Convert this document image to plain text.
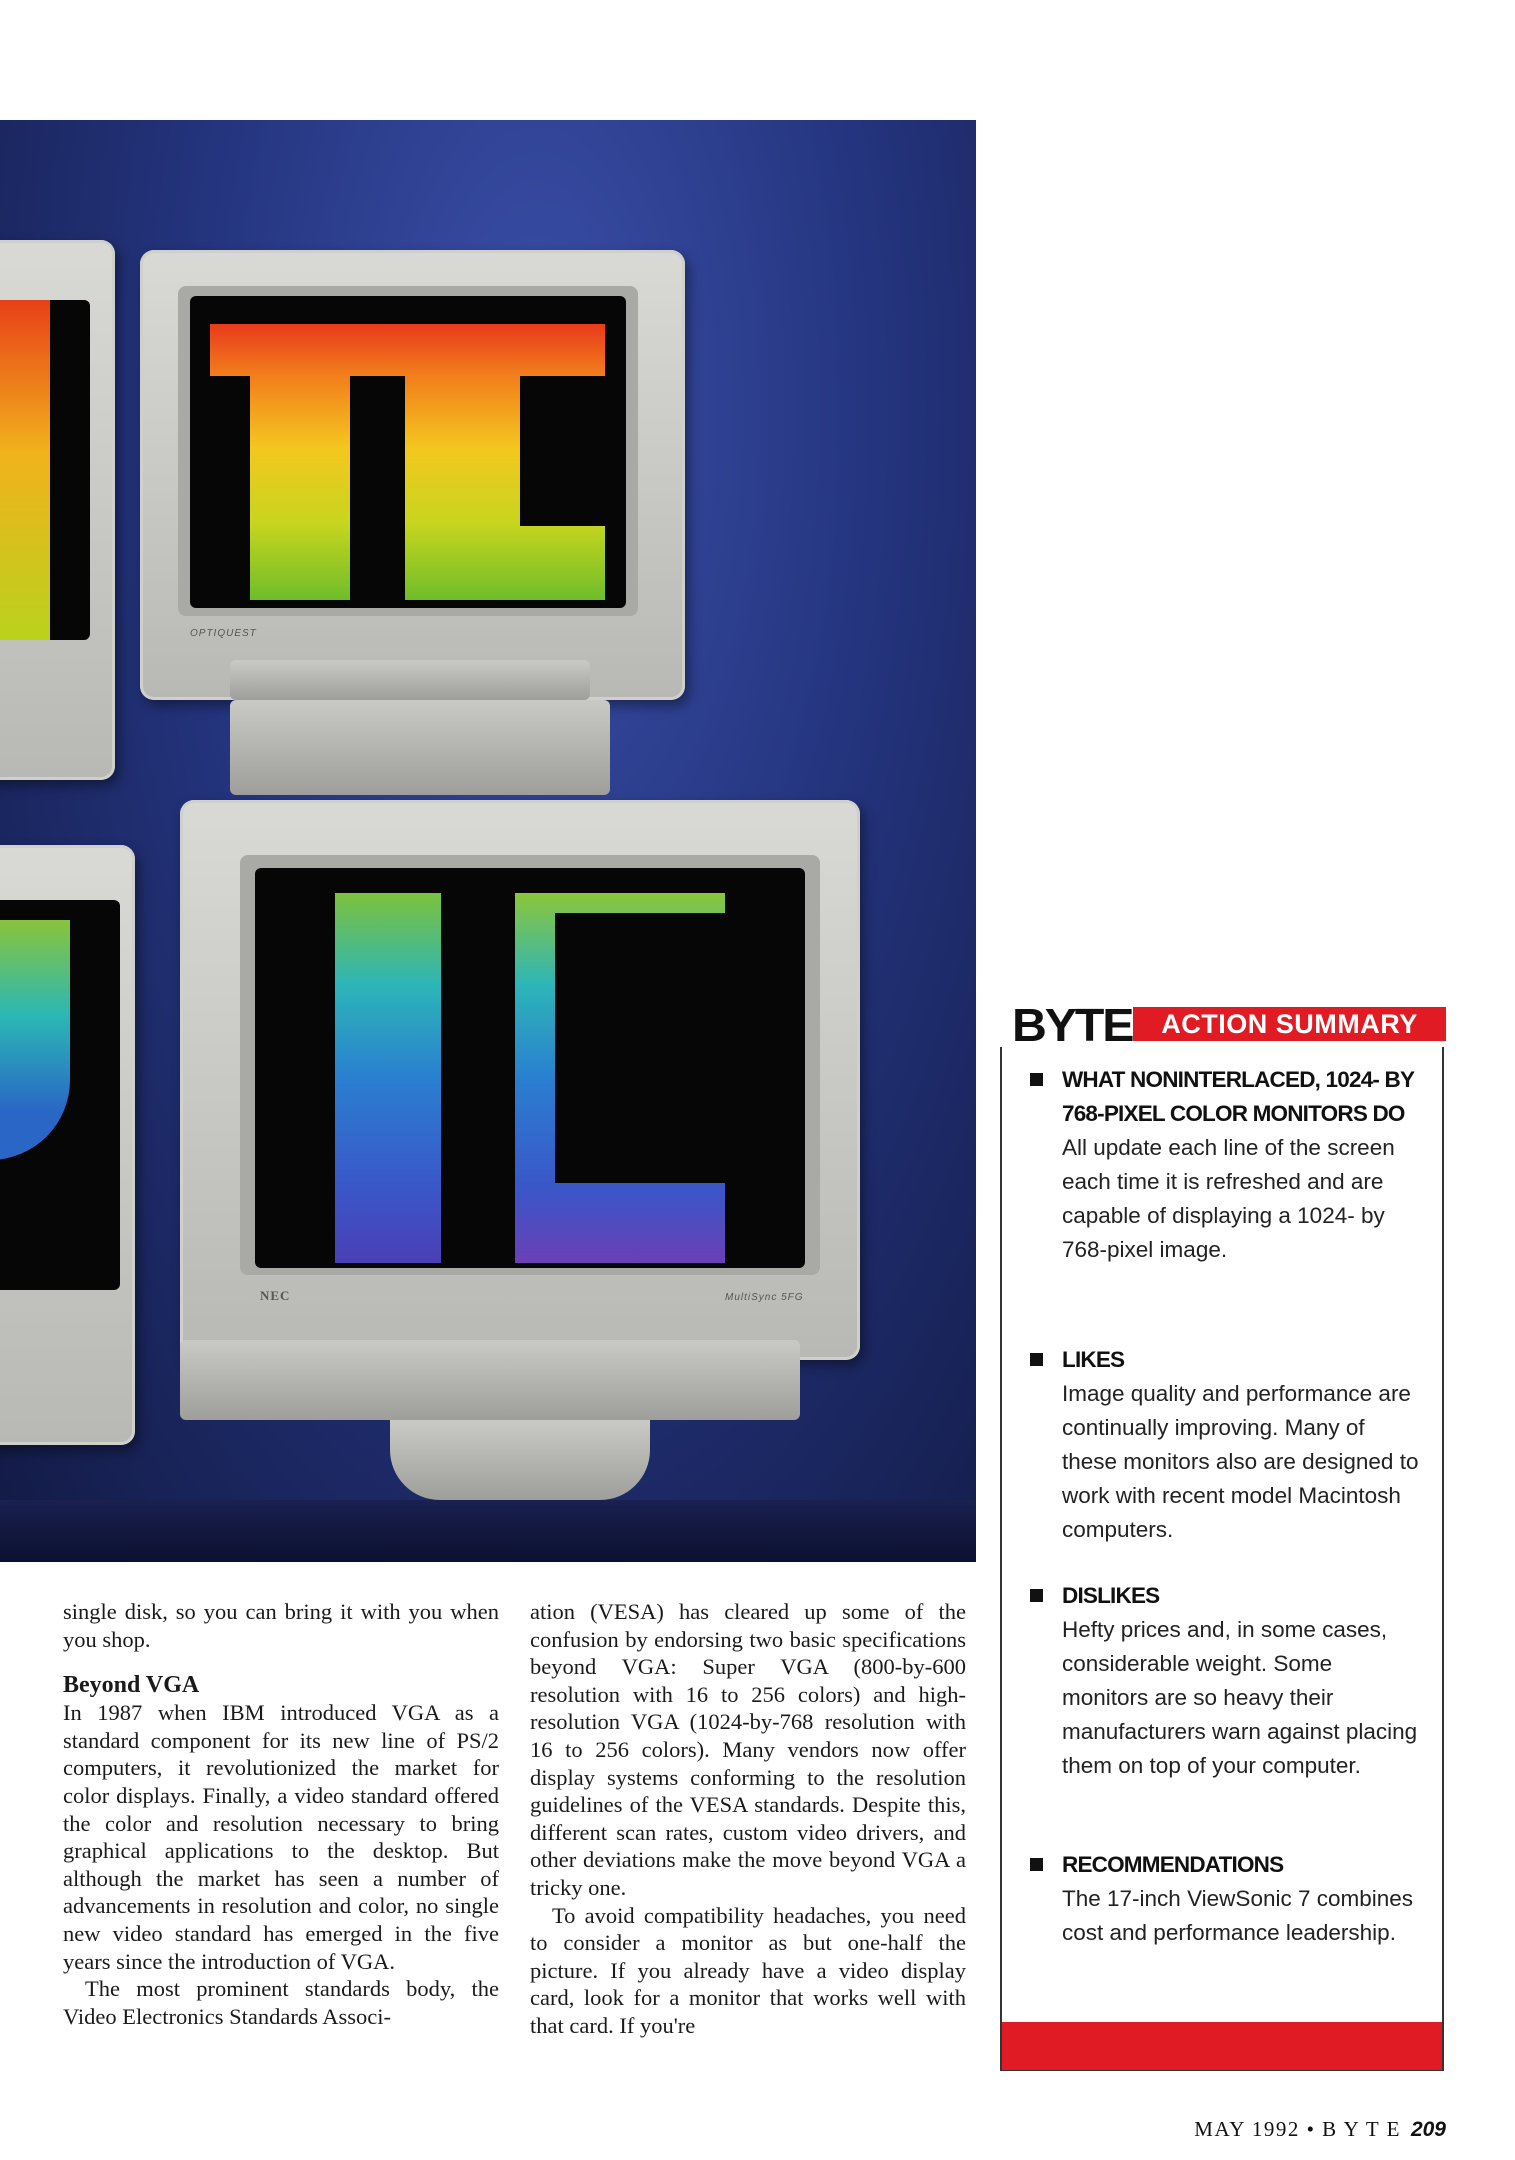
OPTIQUEST
NEC	MultiSync 5FG

single disk, so you can bring it with you when you shop.

Beyond VGA

In 1987 when IBM introduced VGA as a standard component for its new line of PS/2 computers, it revolutionized the market for color displays. Finally, a video standard offered the color and resolution necessary to bring graphical applications to the desktop. But although the market has seen a number of advancements in resolution and color, no single new video standard has emerged in the five years since the introduction of VGA.

The most prominent standards body, the Video Electronics Standards Associ-

ation (VESA) has cleared up some of the confusion by endorsing two basic specifications beyond VGA: Super VGA (800-by-600 resolution with 16 to 256 colors) and high-resolution VGA (1024-by-768 resolution with 16 to 256 colors). Many vendors now offer display systems conforming to the resolution guidelines of the VESA standards. Despite this, different scan rates, custom video drivers, and other deviations make the move beyond VGA a tricky one.

To avoid compatibility headaches, you need to consider a monitor as but one-half the picture. If you already have a video display card, look for a monitor that works well with that card. If you're

BYTE	ACTION SUMMARY
WHAT NONINTERLACED, 1024- BY 768-PIXEL COLOR MONITORS DO
All update each line of the screen each time it is refreshed and are capable of displaying a 1024- by 768-pixel image.
LIKES
Image quality and performance are continually improving. Many of these monitors also are designed to work with recent model Macintosh computers.
DISLIKES
Hefty prices and, in some cases, considerable weight. Some monitors are so heavy their manufacturers warn against placing them on top of your computer.
RECOMMENDATIONS
The 17-inch ViewSonic 7 combines cost and performance leadership.
MAY 1992 • B Y T E 209
